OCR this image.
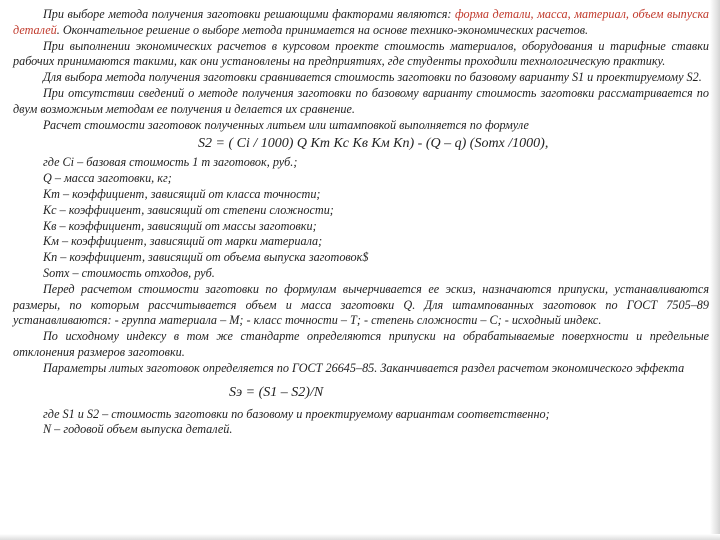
При выборе метода получения заготовки решающими факторами являются: форма детали, масса, материал, объем выпуска деталей. Окончательное решение о выборе метода принимается на основе технико-экономических расчетов.

При выполнении экономических расчетов в курсовом проекте стоимость материалов, оборудования и тарифные ставки рабочих принимаются такими, как они установлены на предприятиях, где студенты проходили технологическую практику.

Для выбора метода получения заготовки сравнивается стоимость заготовки по базовому варианту S1 и проектируемому S2.

При отсутствии сведений о методе получения заготовки по базовому варианту стоимость заготовки рассматривается по двум возможным методам ее получения и делается их сравнение.

Расчет стоимости заготовок полученных литьем или штамповкой выполняется по формуле

S2 = ( Ci / 1000) Q Kт Kс Kв Kм Kп) - (Q – q) (Sотх /1000),

где Ci – базовая стоимость 1 т заготовок, руб.;

Q – масса заготовки, кг;

Kт – коэффициент, зависящий от класса точности;

Kс – коэффициент, зависящий от степени сложности;

Kв – коэффициент, зависящий от массы заготовки;

Kм – коэффициент, зависящий от марки материала;

Kп – коэффициент, зависящий от объема выпуска заготовок$

Sотх – стоимость отходов, руб.

Перед расчетом стоимости заготовки по формулам вычерчивается ее эскиз, назначаются припуски, устанавливаются размеры, по которым рассчитывается объем и масса заготовки Q. Для штампованных заготовок по ГОСТ 7505–89 устанавливаются: - группа материала – М; - класс точности – Т; - степень сложности – С; - исходный индекс.

По исходному индексу в том же стандарте определяются припуски на обрабатываемые поверхности и предельные отклонения размеров заготовки.

Параметры литых заготовок определяется по ГОСТ 26645–85. Заканчивается раздел расчетом экономического эффекта

Sэ = (S1 – S2)/N

где S1 и S2 – стоимость заготовки по базовому и проектируемому вариантам соответственно;

N – годовой объем выпуска деталей.
